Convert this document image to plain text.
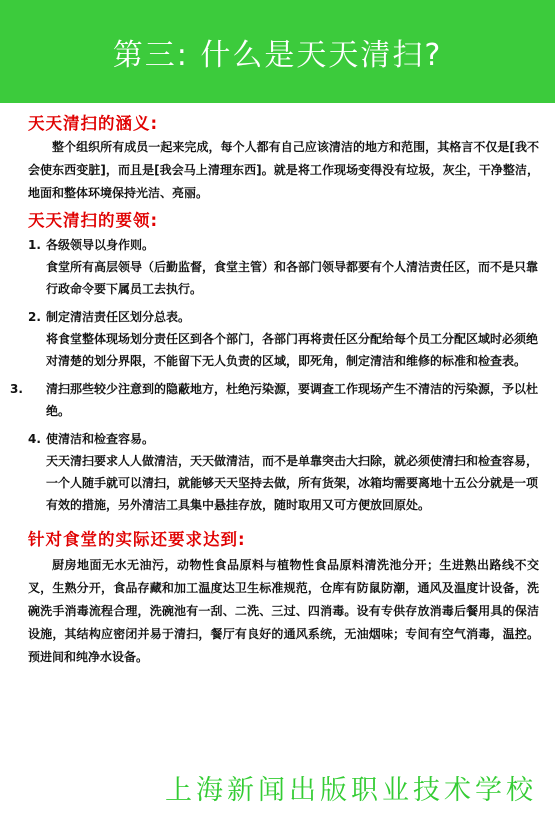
第三: 什么是天天清扫?
天天清扫的涵义:

整个组织所有成员一起来完成，每个人都有自己应该清洁的地方和范围，其格言不仅是[我不会使东西变脏]，而且是[我会马上清理东西]。就是将工作现场变得没有垃圾，灰尘，干净整洁，地面和整体环境保持光洁、亮丽。

天天清扫的要领:
1. 各级领导以身作则。
食堂所有高层领导（后勤监督，食堂主管）和各部门领导都要有个人清洁责任区，而不是只靠行政命令要下属员工去执行。
2. 制定清洁责任区划分总表。
将食堂整体现场划分责任区到各个部门，各部门再将责任区分配给每个员工分配区域时必须绝对清楚的划分界限，不能留下无人负责的区域，即死角，制定清洁和维修的标准和检查表。
3. 清扫那些较少注意到的隐蔽地方，杜绝污染源，要调查工作现场产生不清洁的污染源，予以杜绝。
4. 使清洁和检查容易。
天天清扫要求人人做清洁，天天做清洁，而不是单靠突击大扫除，就必须使清扫和检查容易，一个人随手就可以清扫，就能够天天坚持去做，所有货架，冰箱均需要离地十五公分就是一项有效的措施，另外清洁工具集中悬挂存放，随时取用又可方便放回原处。
针对食堂的实际还要求达到:

厨房地面无水无油污，动物性食品原料与植物性食品原料清洗池分开；生进熟出路线不交叉，生熟分开，食品存藏和加工温度达卫生标准规范，仓库有防鼠防潮，通风及温度计设备，洗碗洗手消毒流程合理，洗碗池有一刮、二洗、三过、四消毒。设有专供存放消毒后餐用具的保洁设施，其结构应密闭并易于清扫，餐厅有良好的通风系统，无油烟味；专间有空气消毒，温控。预进间和纯净水设备。

上海新闻出版职业技术学校
